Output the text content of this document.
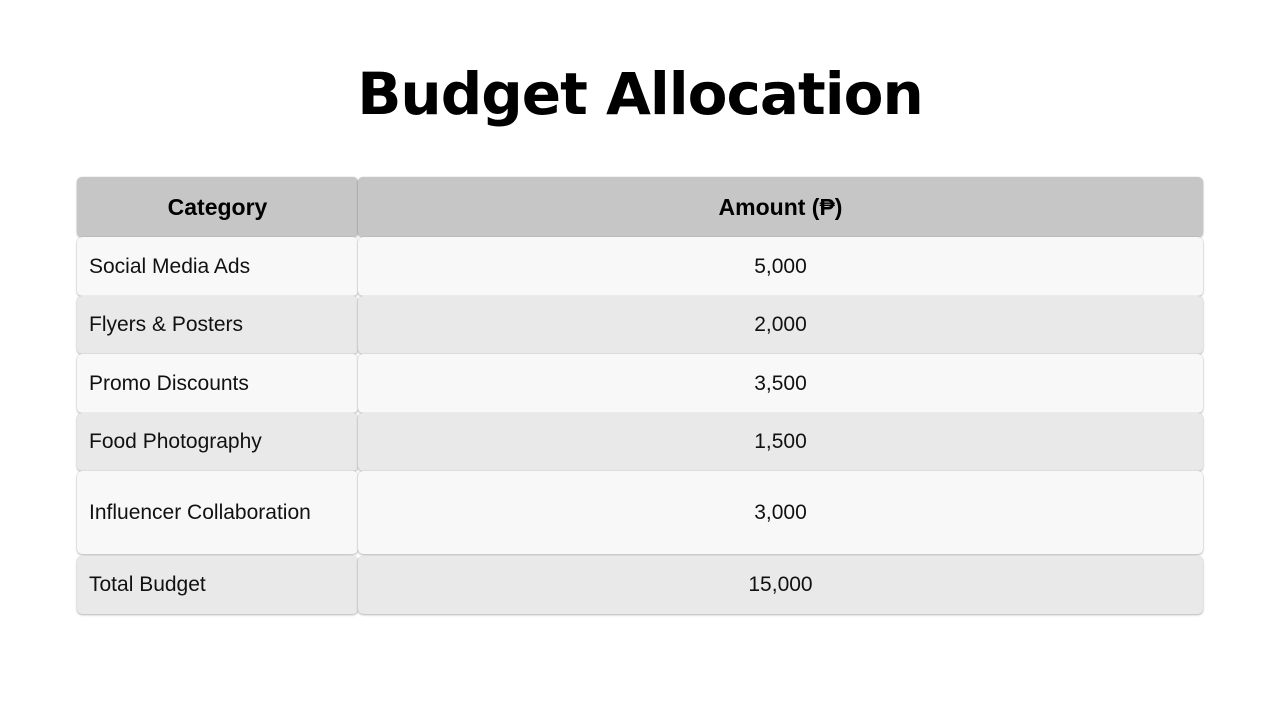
Budget Allocation
Category	Amount (₱)
Social Media Ads	5,000
Flyers & Posters	2,000
Promo Discounts	3,500
Food Photography	1,500
Influencer Collaboration	3,000
Total Budget	15,000
